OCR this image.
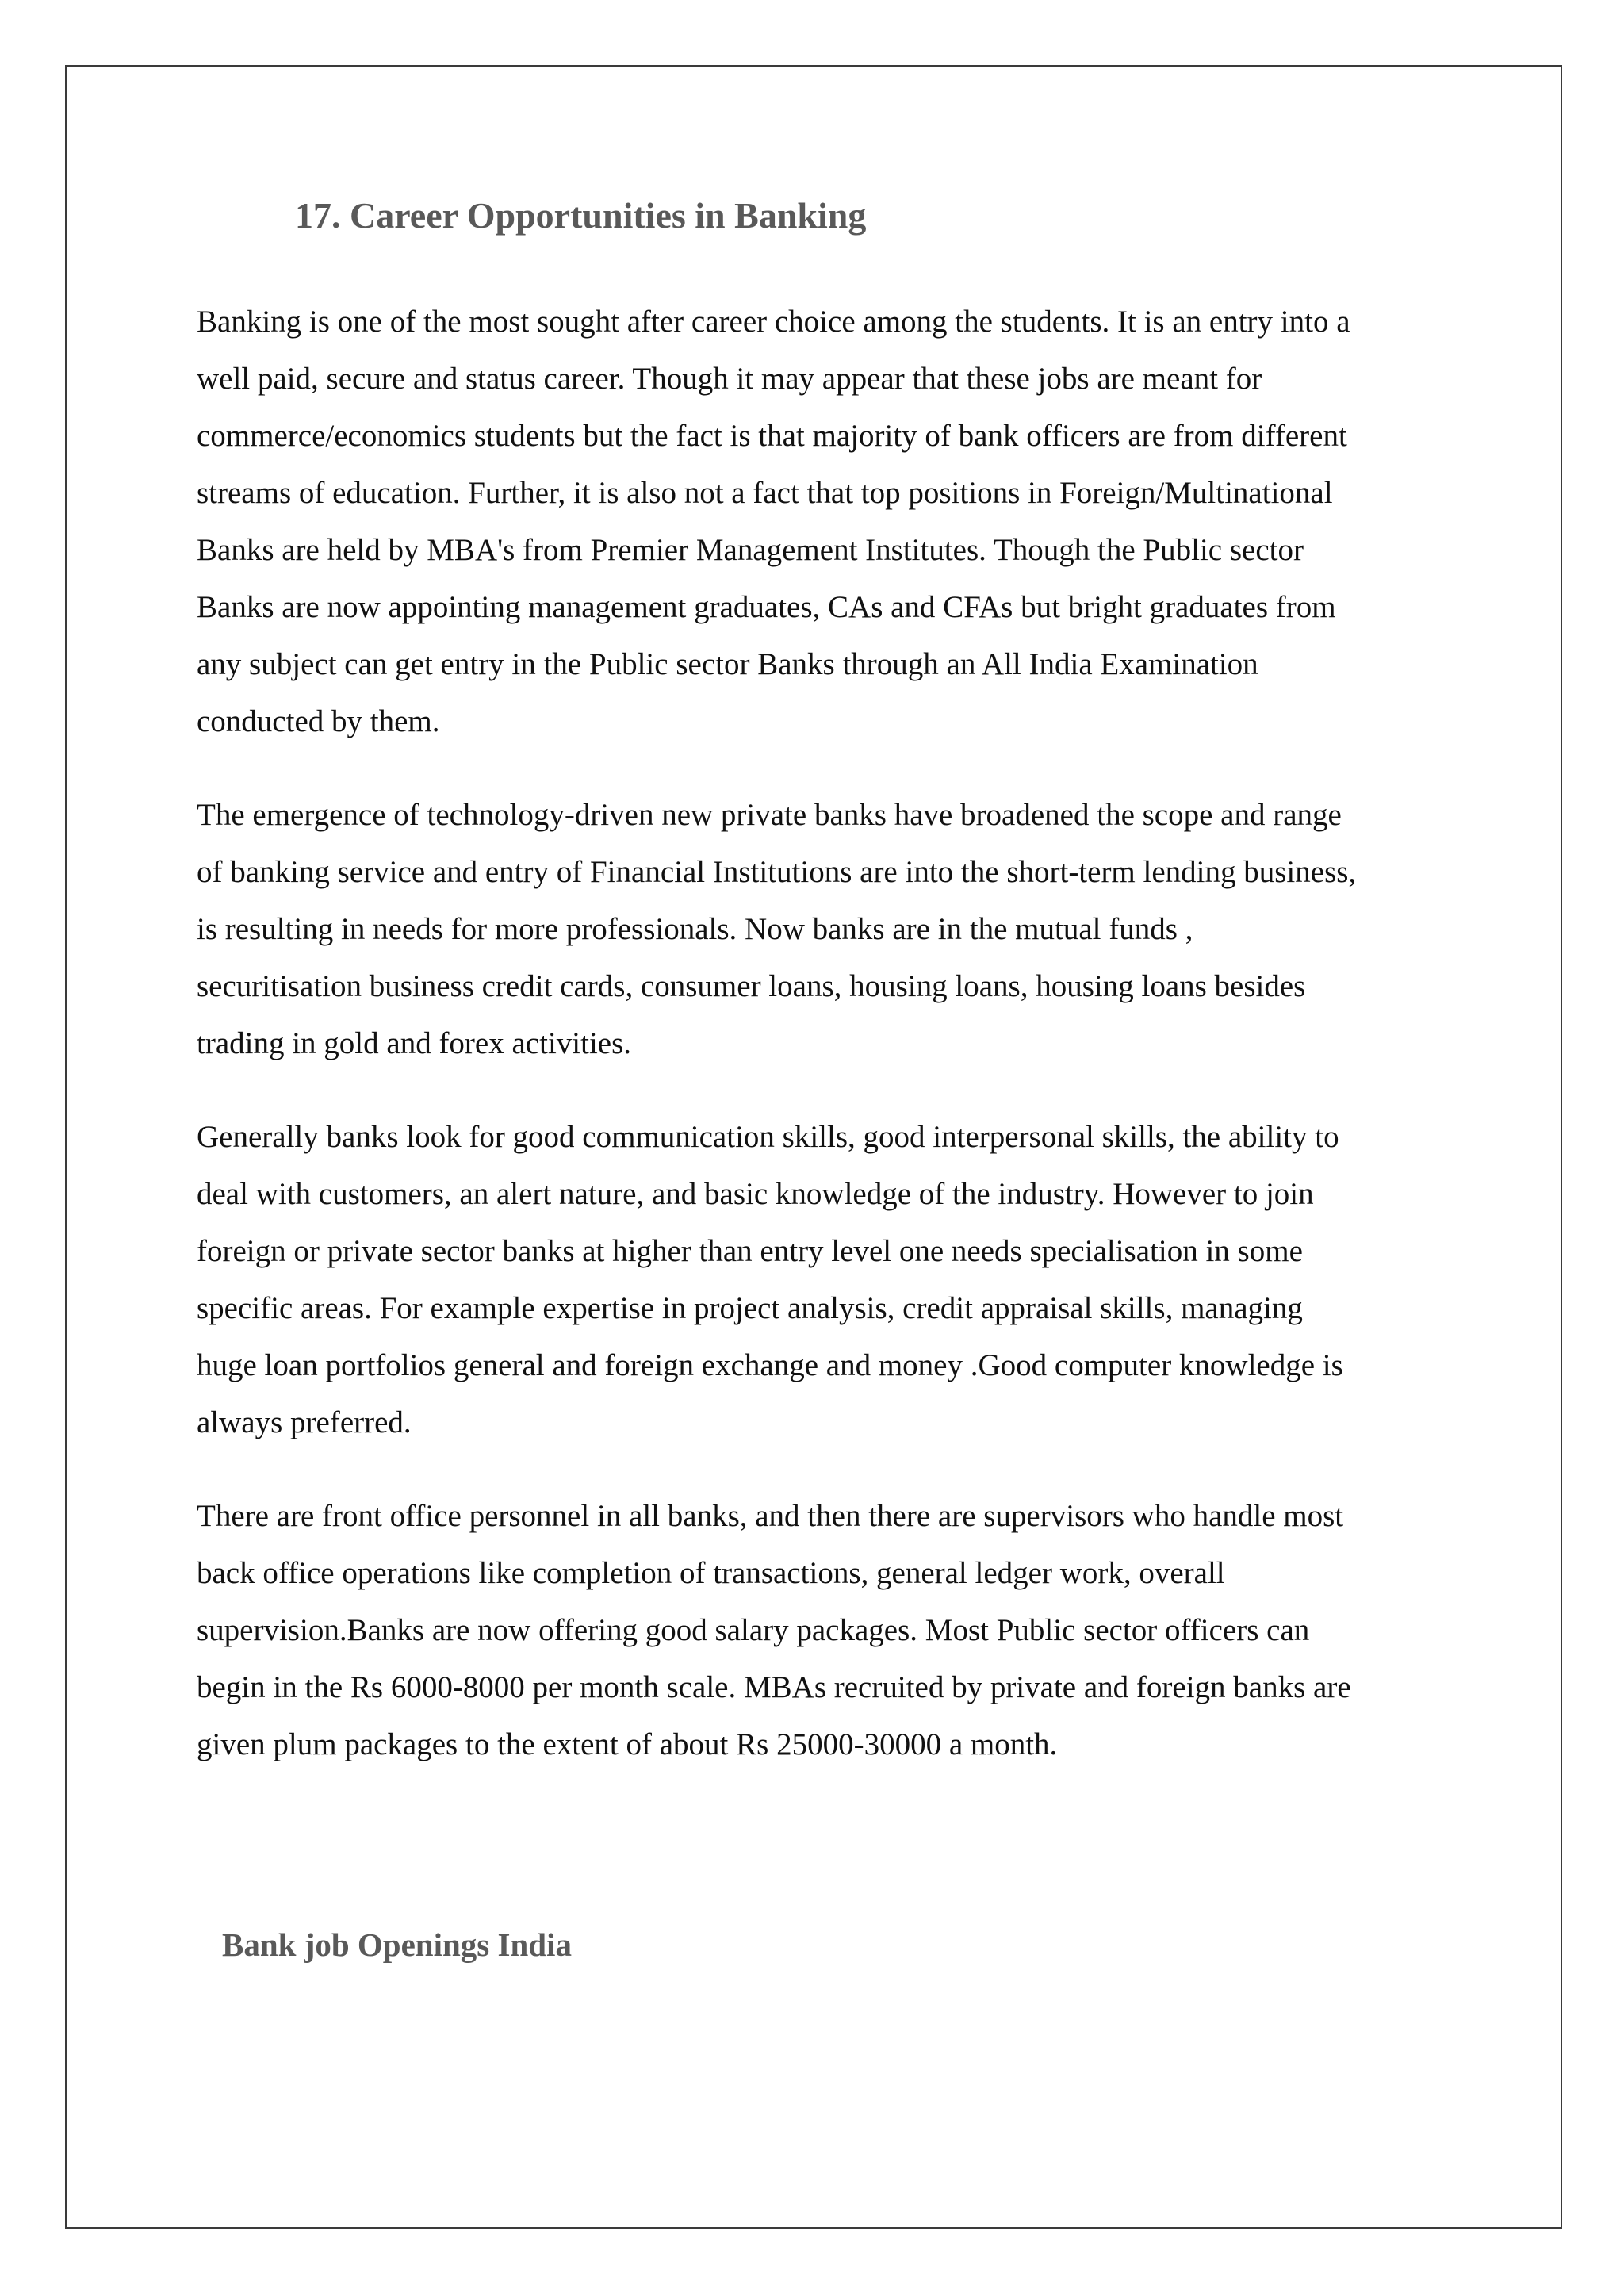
17. Career Opportunities in Banking

Banking is one of the most sought after career choice among the students. It is an entry into a
well paid, secure and status career. Though it may appear that these jobs are meant for
commerce/economics students but the fact is that majority of bank officers are from different
streams of education. Further, it is also not a fact that top positions in Foreign/Multinational
Banks are held by MBA's from Premier Management Institutes. Though the Public sector
Banks are now appointing management graduates, CAs and CFAs but bright graduates from
any subject can get entry in the Public sector Banks through an All India Examination
conducted by them.

The emergence of technology-driven new private banks have broadened the scope and range
of banking service and entry of Financial Institutions are into the short-term lending business,
is resulting in needs for more professionals. Now banks are in the mutual funds ,
securitisation business credit cards, consumer loans, housing loans, housing loans besides
trading in gold and forex activities.

Generally banks look for good communication skills, good interpersonal skills, the ability to
deal with customers, an alert nature, and basic knowledge of the industry. However to join
foreign or private sector banks at higher than entry level one needs specialisation in some
specific areas. For example expertise in project analysis, credit appraisal skills, managing
huge loan portfolios general and foreign exchange and money .Good computer knowledge is
always preferred.

There are front office personnel in all banks, and then there are supervisors who handle most
back office operations like completion of transactions, general ledger work, overall
supervision.Banks are now offering good salary packages. Most Public sector officers can
begin in the Rs 6000-8000 per month scale. MBAs recruited by private and foreign banks are
given plum packages to the extent of about Rs 25000-30000 a month.

Bank job Openings India
